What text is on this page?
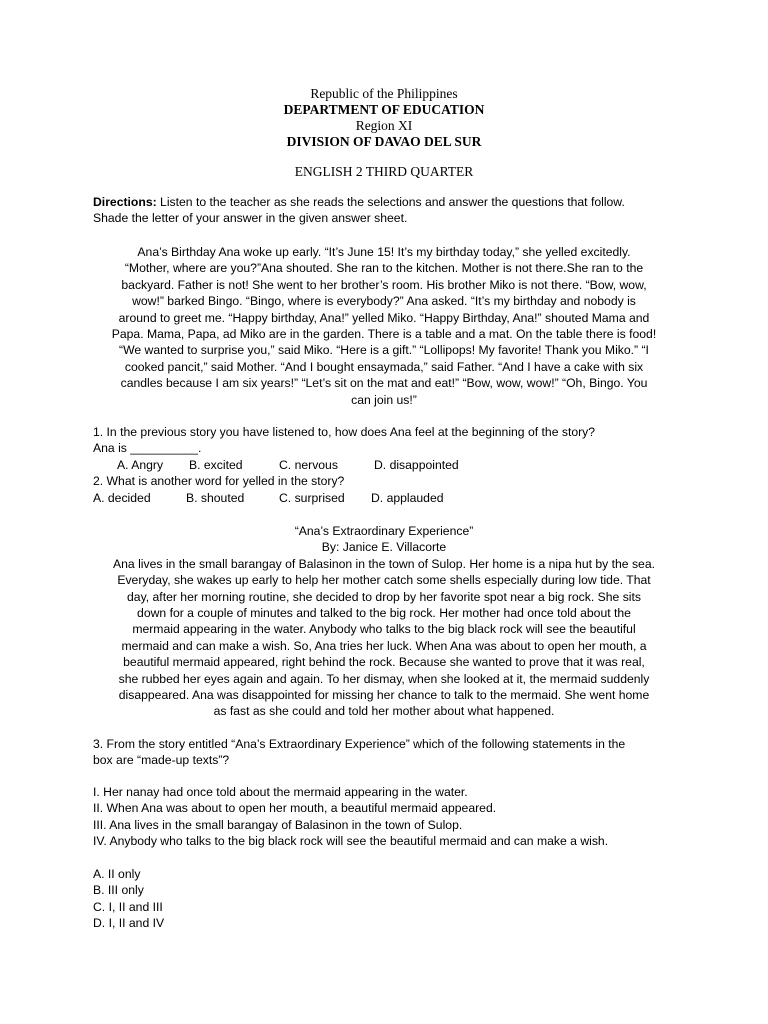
Republic of the Philippines
DEPARTMENT OF EDUCATION
Region XI
DIVISION OF DAVAO DEL SUR
ENGLISH 2 THIRD QUARTER
Directions: Listen to the teacher as she reads the selections and answer the questions that follow.
Shade the letter of your answer in the given answer sheet.
Ana’s Birthday Ana woke up early. “It’s June 15! It’s my birthday today,” she yelled excitedly.
“Mother, where are you?”Ana shouted. She ran to the kitchen. Mother is not there.She ran to the
backyard. Father is not! She went to her brother’s room. His brother Miko is not there. “Bow, wow,
wow!” barked Bingo. “Bingo, where is everybody?” Ana asked. “It’s my birthday and nobody is
around to greet me. “Happy birthday, Ana!” yelled Miko. “Happy Birthday, Ana!” shouted Mama and
Papa. Mama, Papa, ad Miko are in the garden. There is a table and a mat. On the table there is food!
“We wanted to surprise you,” said Miko. “Here is a gift.” “Lollipops! My favorite! Thank you Miko.” “I
cooked pancit,” said Mother. “And I bought ensaymada,” said Father. “And I have a cake with six
candles because I am six years!” “Let’s sit on the mat and eat!” “Bow, wow, wow!” “Oh, Bingo. You
can join us!”
1. In the previous story you have listened to, how does Ana feel at the beginning of the story?
Ana is __________.
A. Angry B. excited	C. nervous	D. disappointed
2. What is another word for yelled in the story?
A. decided	B. shouted	C. surprised D. applauded
“Ana’s Extraordinary Experience”
By: Janice E. Villacorte
Ana lives in the small barangay of Balasinon in the town of Sulop. Her home is a nipa hut by the sea.
Everyday, she wakes up early to help her mother catch some shells especially during low tide. That
day, after her morning routine, she decided to drop by her favorite spot near a big rock. She sits
down for a couple of minutes and talked to the big rock. Her mother had once told about the
mermaid appearing in the water. Anybody who talks to the big black rock will see the beautiful
mermaid and can make a wish. So, Ana tries her luck. When Ana was about to open her mouth, a
beautiful mermaid appeared, right behind the rock. Because she wanted to prove that it was real,
she rubbed her eyes again and again. To her dismay, when she looked at it, the mermaid suddenly
disappeared. Ana was disappointed for missing her chance to talk to the mermaid. She went home
as fast as she could and told her mother about what happened.
3. From the story entitled “Ana’s Extraordinary Experience” which of the following statements in the
box are “made-up texts”?
I. Her nanay had once told about the mermaid appearing in the water.
II. When Ana was about to open her mouth, a beautiful mermaid appeared.
III. Ana lives in the small barangay of Balasinon in the town of Sulop.
IV. Anybody who talks to the big black rock will see the beautiful mermaid and can make a wish.
A. II only
B. III only
C. I, II and III
D. I, II and IV
